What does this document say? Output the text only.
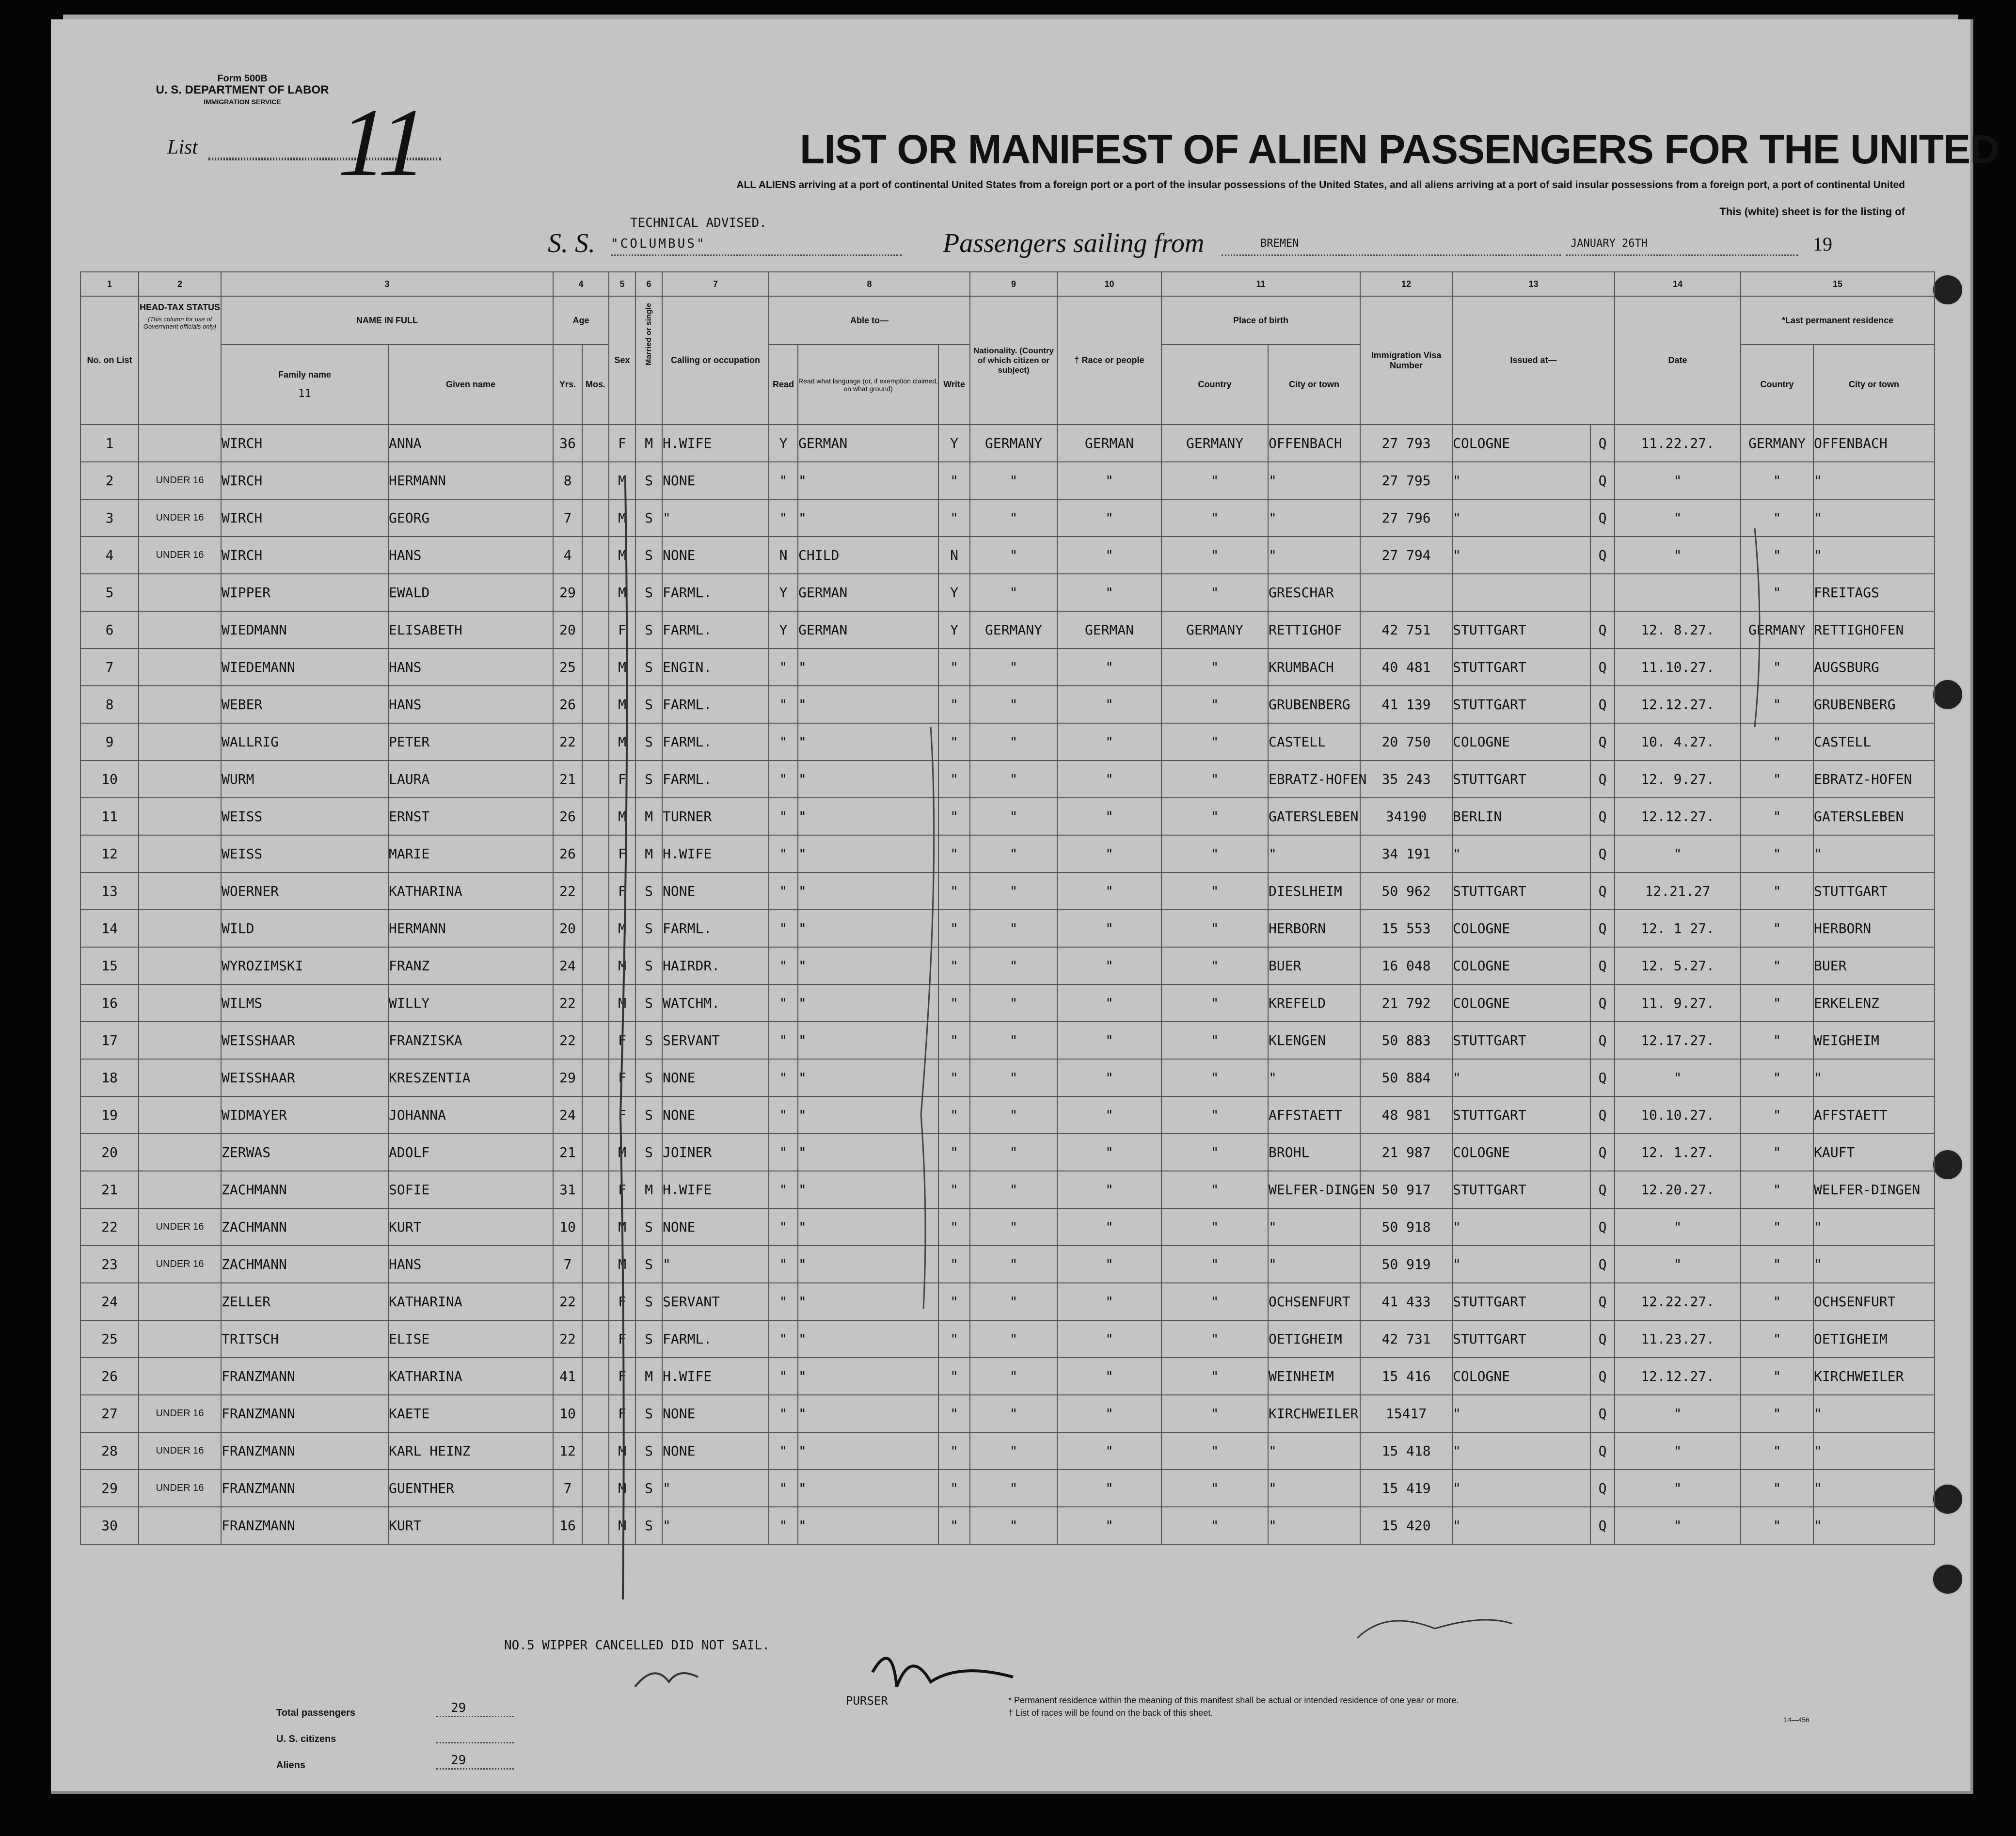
Form 500B
U. S. DEPARTMENT OF LABOR
IMMIGRATION SERVICE
List 11	LIST OR MANIFEST OF ALIEN PASSENGERS FOR THE UNITED
ALL ALIENS arriving at a port of continental United States from a foreign port or a port of the insular possessions of the United States, and all aliens arriving at a port of said insular possessions from a foreign port, a port of continental United
This (white) sheet is for the listing of
TECHNICAL ADVISED.
S. S. "COLUMBUS"	Passengers sailing from	BREMEN	JANUARY 26TH	19
1	2	3		4		5	6	7	8			9	10	11		12	13		14	15	
No. on List	HEAD-TAX STATUS
(This column for use of Government officials only)	NAME IN FULL		Age		Sex	Married or single	Calling or occupation	Able to—			Nationality. (Country of which citizen or subject)	† Race or people	Place of birth		Immigration Visa Number	Issued at—		Date	*Last permanent residence	

		Family name
11	Given name	Yrs.	Mos.				Read	Read what language (or, if exemption claimed, on what ground)	Write			Country	City or town					Country	City or town
1		WIRCH	ANNA	36		F	M	H.WIFE	Y	GERMAN	Y	GERMANY	GERMAN	GERMANY	OFFENBACH	27 793	COLOGNE	Q	11.22.27.	GERMANY	OFFENBACH
2	UNDER 16	WIRCH	HERMANN	8		M	S	NONE	"	"	"	"	"	"	"	27 795	"	Q	"	"	"
3	UNDER 16	WIRCH	GEORG	7		M	S	"	"	"	"	"	"	"	"	27 796	"	Q	"	"	"
4	UNDER 16	WIRCH	HANS	4		M	S	NONE	N	CHILD	N	"	"	"	"	27 794	"	Q	"	"	"
5		WIPPER	EWALD	29		M	S	FARML.	Y	GERMAN	Y	"	"	"	GRESCHAR					"	FREITAGS
6		WIEDMANN	ELISABETH	20		F	S	FARML.	Y	GERMAN	Y	GERMANY	GERMAN	GERMANY	RETTIGHOF	42 751	STUTTGART	Q	12. 8.27.	GERMANY	RETTIGHOFEN
7		WIEDEMANN	HANS	25		M	S	ENGIN.	"	"	"	"	"	"	KRUMBACH	40 481	STUTTGART	Q	11.10.27.	"	AUGSBURG
8		WEBER	HANS	26		M	S	FARML.	"	"	"	"	"	"	GRUBENBERG	41 139	STUTTGART	Q	12.12.27.	"	GRUBENBERG
9		WALLRIG	PETER	22		M	S	FARML.	"	"	"	"	"	"	CASTELL	20 750	COLOGNE	Q	10. 4.27.	"	CASTELL
10		WURM	LAURA	21		F	S	FARML.	"	"	"	"	"	"	EBRATZ-HOFEN	35 243	STUTTGART	Q	12. 9.27.	"	EBRATZ-HOFEN
11		WEISS	ERNST	26		M	M	TURNER	"	"	"	"	"	"	GATERSLEBEN	34190	BERLIN	Q	12.12.27.	"	GATERSLEBEN
12		WEISS	MARIE	26		F	M	H.WIFE	"	"	"	"	"	"	"	34 191	"	Q	"	"	"
13		WOERNER	KATHARINA	22		F	S	NONE	"	"	"	"	"	"	DIESLHEIM	50 962	STUTTGART	Q	12.21.27	"	STUTTGART
14		WILD	HERMANN	20		M	S	FARML.	"	"	"	"	"	"	HERBORN	15 553	COLOGNE	Q	12. 1 27.	"	HERBORN
15		WYROZIMSKI	FRANZ	24		M	S	HAIRDR.	"	"	"	"	"	"	BUER	16 048	COLOGNE	Q	12. 5.27.	"	BUER
16		WILMS	WILLY	22		M	S	WATCHM.	"	"	"	"	"	"	KREFELD	21 792	COLOGNE	Q	11. 9.27.	"	ERKELENZ
17		WEISSHAAR	FRANZISKA	22		F	S	SERVANT	"	"	"	"	"	"	KLENGEN	50 883	STUTTGART	Q	12.17.27.	"	WEIGHEIM
18		WEISSHAAR	KRESZENTIA	29		F	S	NONE	"	"	"	"	"	"	"	50 884	"	Q	"	"	"
19		WIDMAYER	JOHANNA	24		F	S	NONE	"	"	"	"	"	"	AFFSTAETT	48 981	STUTTGART	Q	10.10.27.	"	AFFSTAETT
20		ZERWAS	ADOLF	21		M	S	JOINER	"	"	"	"	"	"	BROHL	21 987	COLOGNE	Q	12. 1.27.	"	KAUFT
21		ZACHMANN	SOFIE	31		F	M	H.WIFE	"	"	"	"	"	"	WELFER-DINGEN	50 917	STUTTGART	Q	12.20.27.	"	WELFER-DINGEN
22	UNDER 16	ZACHMANN	KURT	10		M	S	NONE	"	"	"	"	"	"	"	50 918	"	Q	"	"	"
23	UNDER 16	ZACHMANN	HANS	7		M	S	"	"	"	"	"	"	"	"	50 919	"	Q	"	"	"
24		ZELLER	KATHARINA	22		F	S	SERVANT	"	"	"	"	"	"	OCHSENFURT	41 433	STUTTGART	Q	12.22.27.	"	OCHSENFURT
25		TRITSCH	ELISE	22		F	S	FARML.	"	"	"	"	"	"	OETIGHEIM	42 731	STUTTGART	Q	11.23.27.	"	OETIGHEIM
26		FRANZMANN	KATHARINA	41		F	M	H.WIFE	"	"	"	"	"	"	WEINHEIM	15 416	COLOGNE	Q	12.12.27.	"	KIRCHWEILER
27	UNDER 16	FRANZMANN	KAETE	10		F	S	NONE	"	"	"	"	"	"	KIRCHWEILER	15417	"	Q	"	"	"
28	UNDER 16	FRANZMANN	KARL HEINZ	12		M	S	NONE	"	"	"	"	"	"	"	15 418	"	Q	"	"	"
29	UNDER 16	FRANZMANN	GUENTHER	7		M	S	"	"	"	"	"	"	"	"	15 419	"	Q	"	"	"
30		FRANZMANN	KURT	16		M	S	"	"	"	"	"	"	"	"	15 420	"	Q	"	"	"
NO.5 WIPPER CANCELLED DID NOT SAIL.
Total passengers
U. S. citizens
Aliens
29
29
PURSER	* Permanent residence within the meaning of this manifest shall be actual or intended residence of one year or more.
† List of races will be found on the back of this sheet.
14—456
